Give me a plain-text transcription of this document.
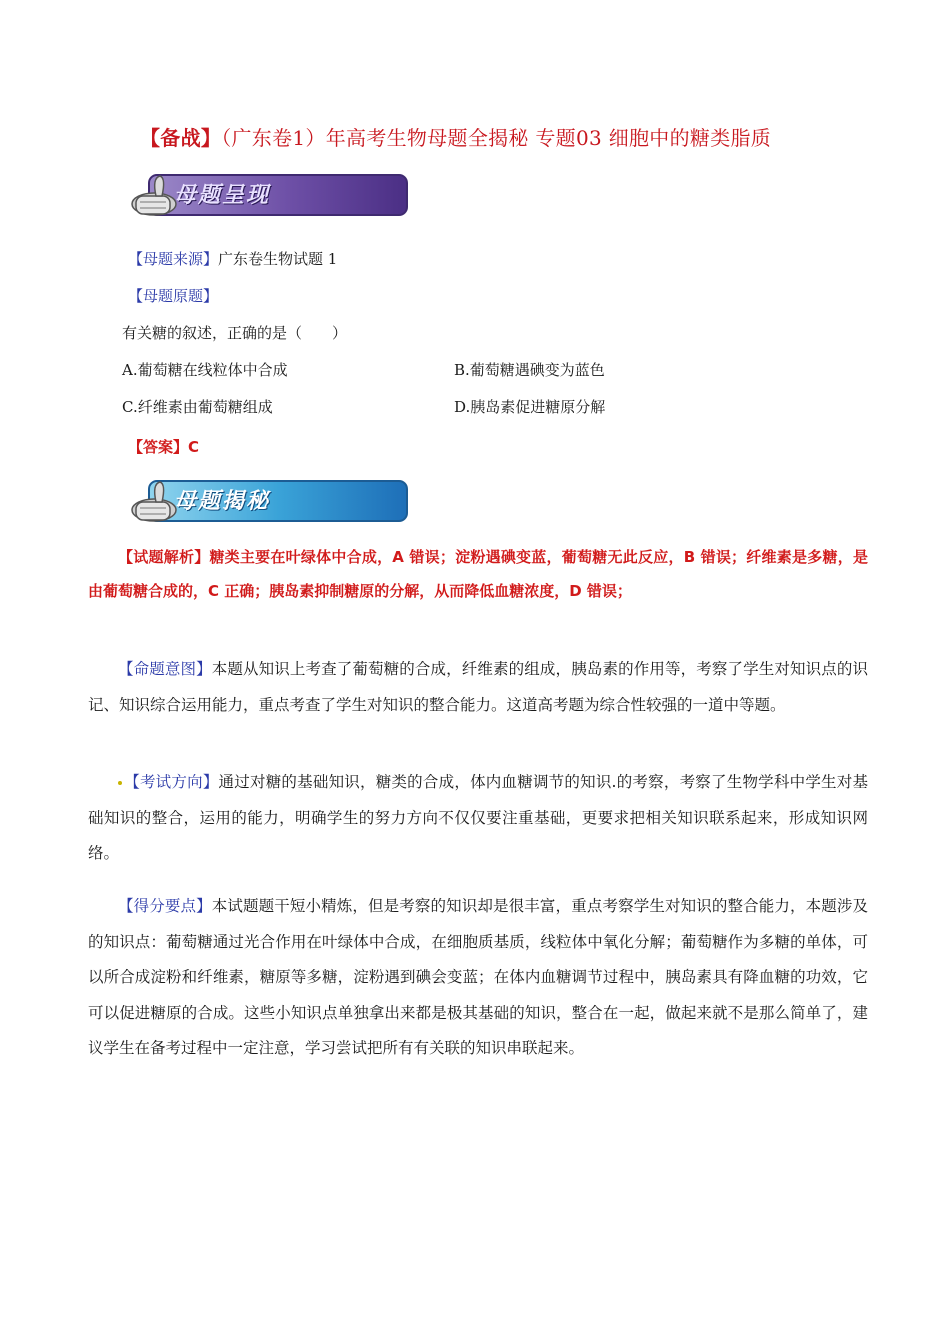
【备战】（广东卷1）年高考生物母题全揭秘 专题03 细胞中的糖类脂质
母题呈现
【母题来源】广东卷生物试题 1
【母题原题】
有关糖的叙述，正确的是（　　）
A.葡萄糖在线粒体中合成	B.葡萄糖遇碘变为蓝色
C.纤维素由葡萄糖组成	D.胰岛素促进糖原分解
【答案】C
母题揭秘
【试题解析】糖类主要在叶绿体中合成，A 错误；淀粉遇碘变蓝，葡萄糖无此反应，B 错误；纤维素是多糖，是由葡萄糖合成的，C 正确；胰岛素抑制糖原的分解，从而降低血糖浓度，D 错误；
【命题意图】本题从知识上考查了葡萄糖的合成，纤维素的组成，胰岛素的作用等，考察了学生对知识点的识记、知识综合运用能力，重点考查了学生对知识的整合能力。这道高考题为综合性较强的一道中等题。
【考试方向】通过对糖的基础知识，糖类的合成，体内血糖调节的知识.的考察，考察了生物学科中学生对基础知识的整合，运用的能力，明确学生的努力方向不仅仅要注重基础，更要求把相关知识联系起来，形成知识网络。
【得分要点】本试题题干短小精炼，但是考察的知识却是很丰富，重点考察学生对知识的整合能力，本题涉及的知识点：葡萄糖通过光合作用在叶绿体中合成，在细胞质基质，线粒体中氧化分解；葡萄糖作为多糖的单体，可以所合成淀粉和纤维素，糖原等多糖，淀粉遇到碘会变蓝；在体内血糖调节过程中，胰岛素具有降血糖的功效，它可以促进糖原的合成。这些小知识点单独拿出来都是极其基础的知识，整合在一起，做起来就不是那么简单了，建议学生在备考过程中一定注意，学习尝试把所有有关联的知识串联起来。
